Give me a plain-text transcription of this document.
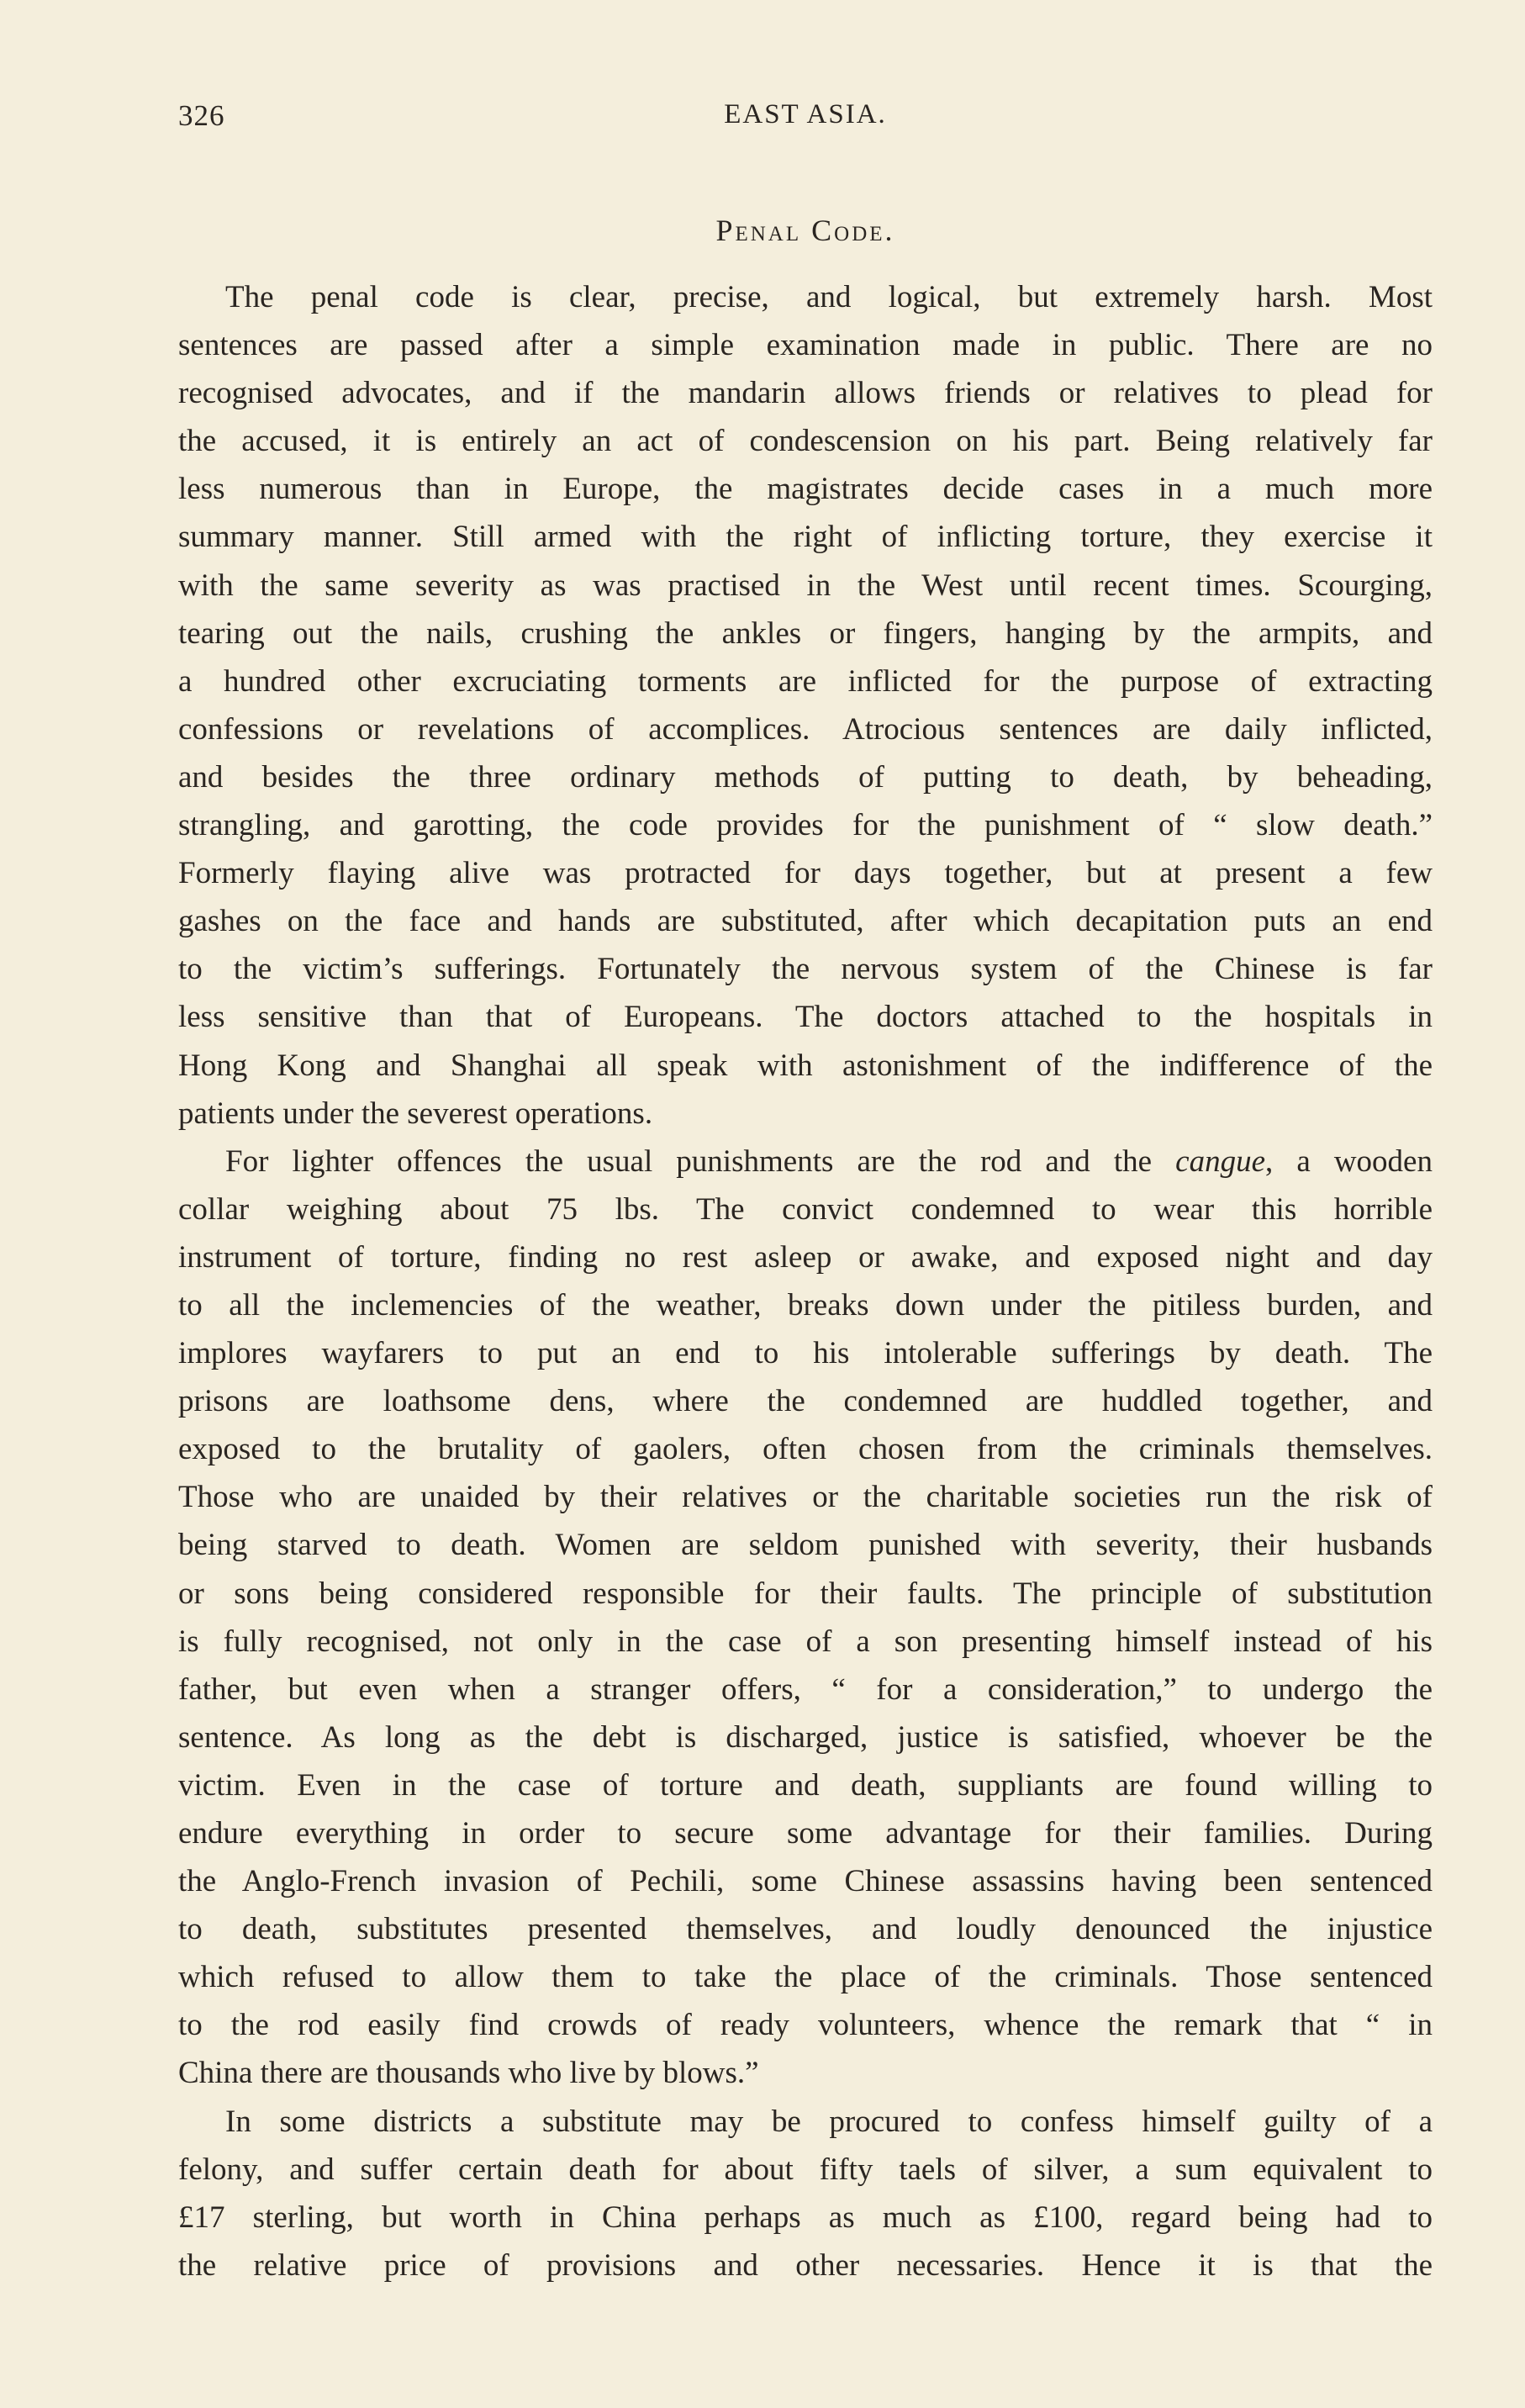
326	EAST ASIA.
Penal Code.

The penal code is clear, precise, and logical, but extremely harsh. Most

sentences are passed after a simple examination made in public. There are no

recognised advocates, and if the mandarin allows friends or relatives to plead for

the accused, it is entirely an act of condescension on his part. Being relatively far

less numerous than in Europe, the magistrates decide cases in a much more

summary manner. Still armed with the right of inflicting torture, they exercise it

with the same severity as was practised in the West until recent times. Scourging,

tearing out the nails, crushing the ankles or fingers, hanging by the armpits, and

a hundred other excruciating torments are inflicted for the purpose of extracting

confessions or revelations of accomplices. Atrocious sentences are daily inflicted,

and besides the three ordinary methods of putting to death, by beheading,

strangling, and garotting, the code provides for the punishment of “ slow death.”

Formerly flaying alive was protracted for days together, but at present a few

gashes on the face and hands are substituted, after which decapitation puts an end

to the victim’s sufferings. Fortunately the nervous system of the Chinese is far

less sensitive than that of Europeans. The doctors attached to the hospitals in

Hong Kong and Shanghai all speak with astonishment of the indifference of the

patients under the severest operations.

For lighter offences the usual punishments are the rod and the cangue, a wooden

collar weighing about 75 lbs. The convict condemned to wear this horrible

instrument of torture, finding no rest asleep or awake, and exposed night and day

to all the inclemencies of the weather, breaks down under the pitiless burden, and

implores wayfarers to put an end to his intolerable sufferings by death. The

prisons are loathsome dens, where the condemned are huddled together, and

exposed to the brutality of gaolers, often chosen from the criminals themselves.

Those who are unaided by their relatives or the charitable societies run the risk of

being starved to death. Women are seldom punished with severity, their husbands

or sons being considered responsible for their faults. The principle of substitution

is fully recognised, not only in the case of a son presenting himself instead of his

father, but even when a stranger offers, “ for a consideration,” to undergo the

sentence. As long as the debt is discharged, justice is satisfied, whoever be the

victim. Even in the case of torture and death, suppliants are found willing to

endure everything in order to secure some advantage for their families. During

the Anglo-French invasion of Pechili, some Chinese assassins having been sentenced

to death, substitutes presented themselves, and loudly denounced the injustice

which refused to allow them to take the place of the criminals. Those sentenced

to the rod easily find crowds of ready volunteers, whence the remark that “ in

China there are thousands who live by blows.”

In some districts a substitute may be procured to confess himself guilty of a

felony, and suffer certain death for about fifty taels of silver, a sum equivalent to

£17 sterling, but worth in China perhaps as much as £100, regard being had to

the relative price of provisions and other necessaries. Hence it is that the
